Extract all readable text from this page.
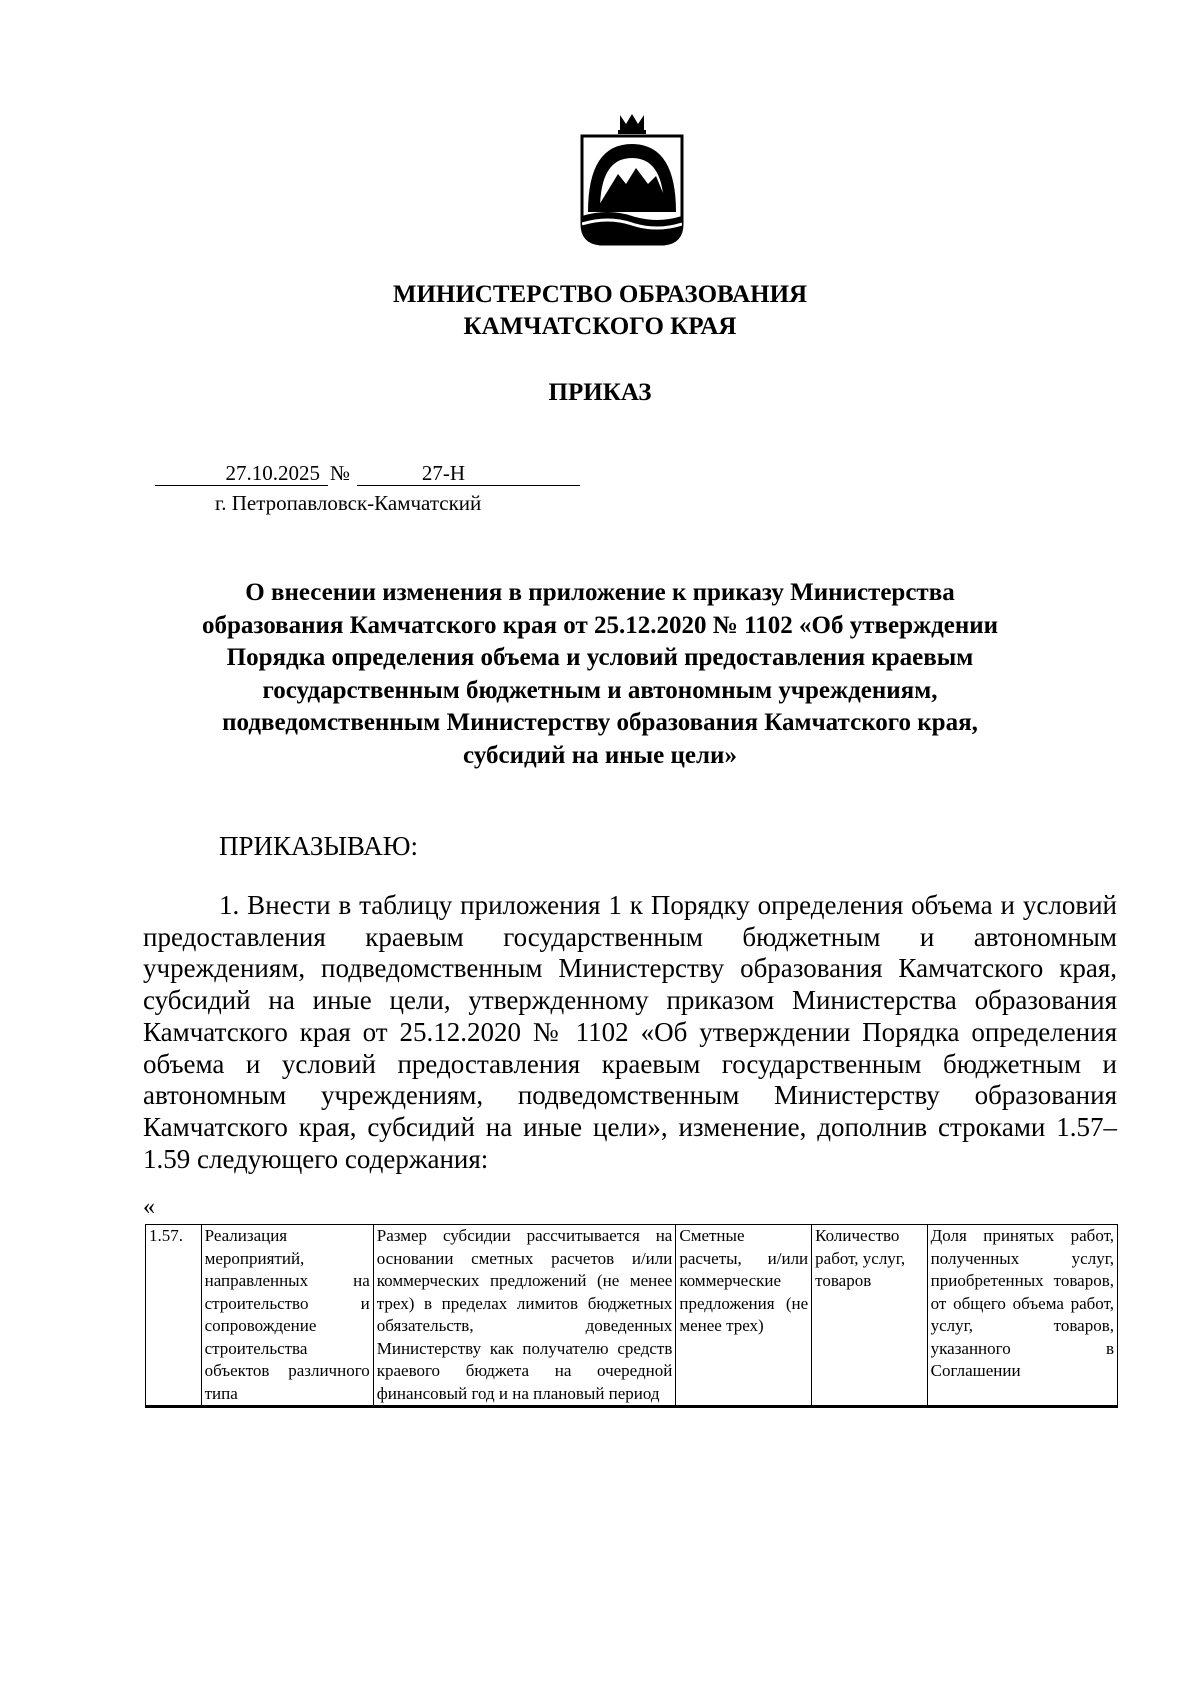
МИНИСТЕРСТВО ОБРАЗОВАНИЯ
КАМЧАТСКОГО КРАЯ
ПРИКАЗ
27.10.2025 №	27-Н
г. Петропавловск-Камчатский
О внесении изменения в приложение к приказу Министерства
образования Камчатского края от 25.12.2020 № 1102 «Об утверждении
Порядка определения объема и условий предоставления краевым
государственным бюджетным и автономным учреждениям,
подведомственным Министерству образования Камчатского края,
субсидий на иные цели»
ПРИКАЗЫВАЮ:

1. Внести в таблицу приложения 1 к Порядку определения объема и условий предоставления краевым государственным бюджетным и автономным учреждениям, подведомственным Министерству образования Камчатского края, субсидий на иные цели, утвержденному приказом Министерства образования Камчатского края от 25.12.2020 № 1102 «Об утверждении Порядка определения объема и условий предоставления краевым государственным бюджетным и автономным учреждениям, подведомственным Министерству образования Камчатского края, субсидий на иные цели», изменение, дополнив строками 1.57–1.59 следующего содержания:

«
1.57.	Реализация мероприятий, направленных на строительство и сопровождение строительства объектов различного типа	Размер субсидии рассчитывается на основании сметных расчетов и/или коммерческих предложений (не менее трех) в пределах лимитов бюджетных обязательств, доведенных Министерству как получателю средств краевого бюджета на очередной финансовый год и на плановый период	Сметные расчеты, и/или коммерческие предложения (не менее трех)	Количество работ, услуг, товаров	Доля принятых работ, полученных услуг, приобретенных товаров, от общего объема работ, услуг, товаров, указанного в Соглашении
